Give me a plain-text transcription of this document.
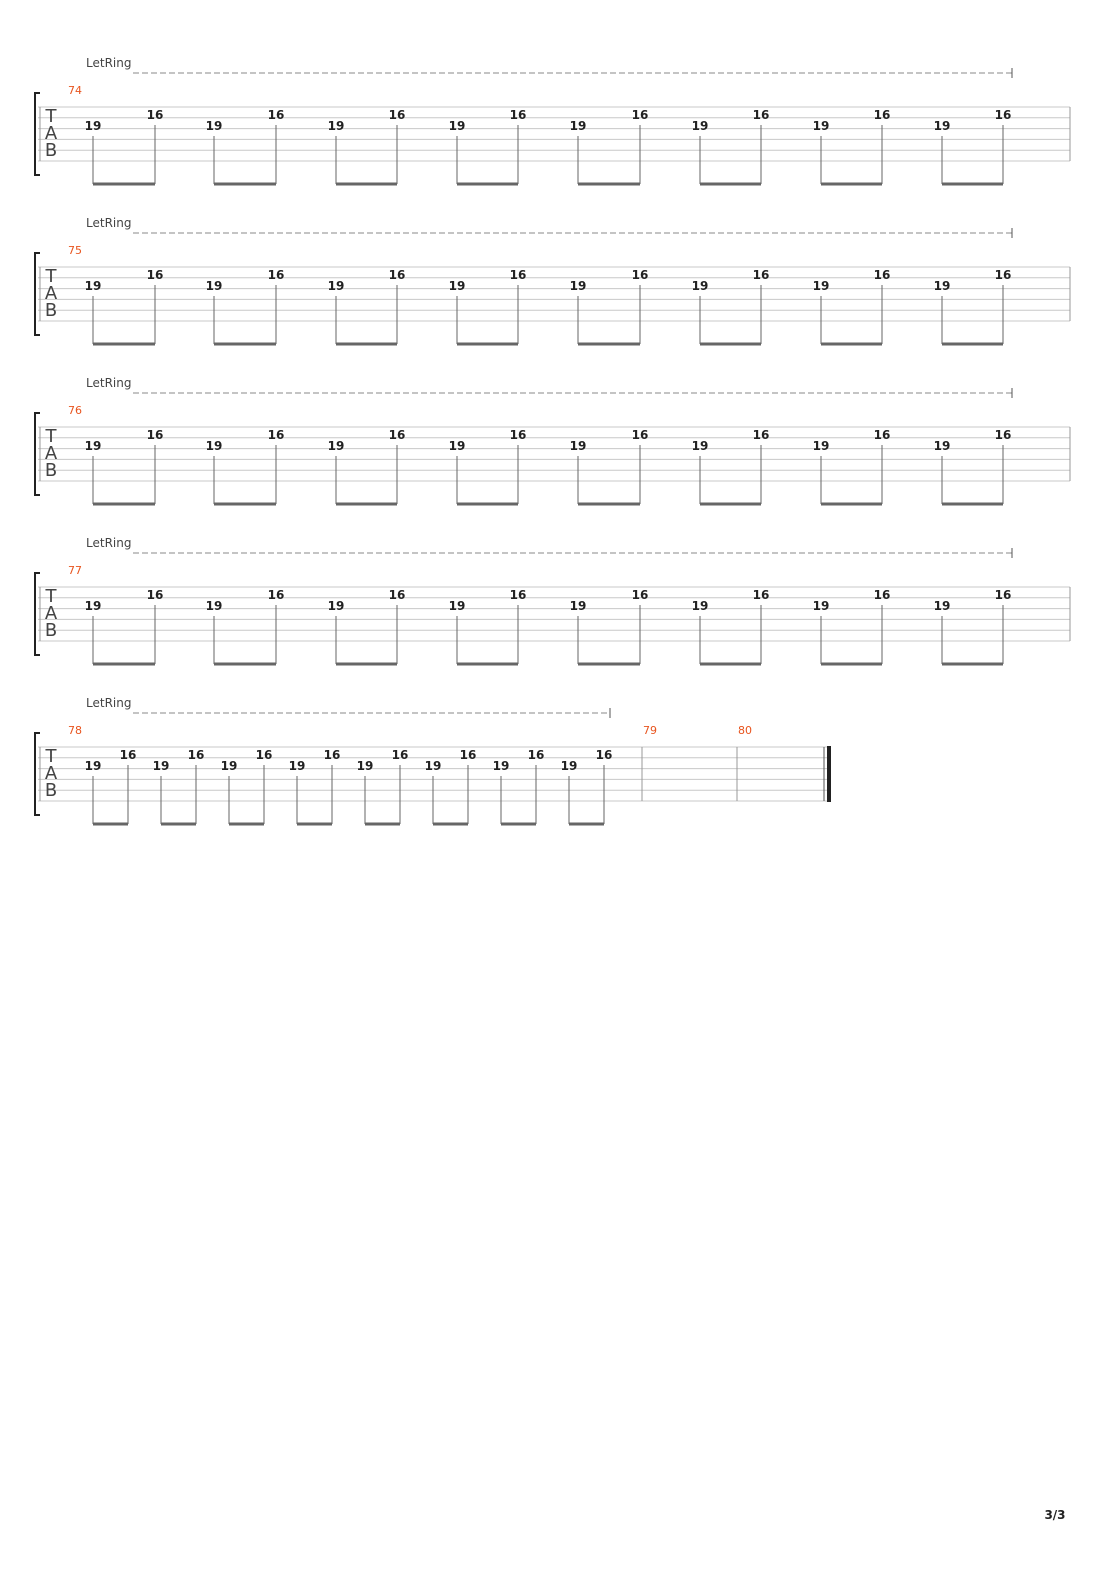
T
A
B
LetRing
74
19
16
19
16
19
16
19
16
19
16
19
16
19
16
19
16
T
A
B
LetRing
75
19
16
19
16
19
16
19
16
19
16
19
16
19
16
19
16
T
A
B
LetRing
76
19
16
19
16
19
16
19
16
19
16
19
16
19
16
19
16
T
A
B
LetRing
77
19
16
19
16
19
16
19
16
19
16
19
16
19
16
19
16
T
A
B
LetRing
78
19
16
19
16
19
16
19
16
19
16
19
16
19
16
19
16
79	80
3/3
